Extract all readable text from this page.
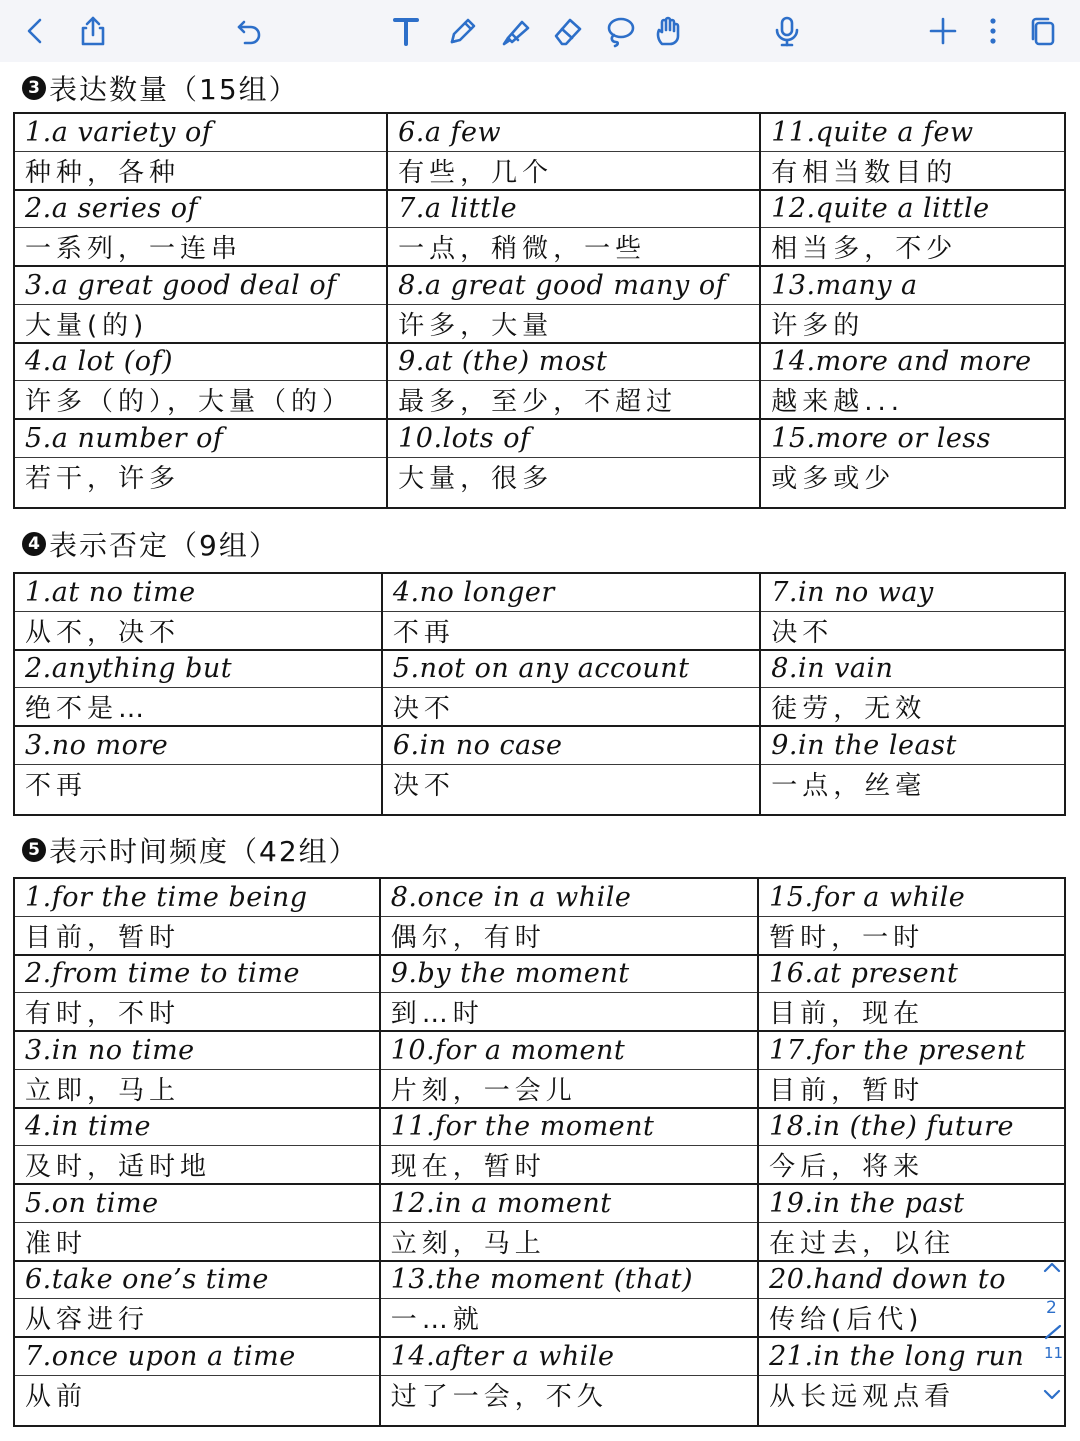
3 表达数量（15组）
1.a variety of	6.a few	11.quite a few
种种，各种	有些，几个	有相当数目的
2.a series of	7.a little	12.quite a little
一系列，一连串	一点，稍微，一些	相当多，不少
3.a great good deal of	8.a great good many of	13.many a
大量(的)	许多，大量	许多的
4.a lot (of)	9.at (the) most	14.more and more
许多（的），大量（的）	最多，至少，不超过	越来越...
5.a number of	10.lots of	15.more or less
若干，许多	大量，很多	或多或少

4 表示否定（9组）
1.at no time	4.no longer	7.in no way
从不，决不	不再	决不
2.anything but	5.not on any account	8.in vain
绝不是…	决不	徒劳，无效
3.no more	6.in no case	9.in the least
不再	决不	一点，丝毫

5 表示时间频度（42组）
1.for the time being	8.once in a while	15.for a while
目前，暂时	偶尔，有时	暂时，一时
2.from time to time	9.by the moment	16.at present
有时，不时	到…时	目前，现在
3.in no time	10.for a moment	17.for the present
立即，马上	片刻，一会儿	目前，暂时
4.in time	11.for the moment	18.in (the) future
及时，适时地	现在，暂时	今后，将来
5.on time	12.in a moment	19.in the past
准时	立刻，马上	在过去，以往
6.take one’s time	13.the moment (that)	20.hand down to
从容进行	一…就	传给(后代)
7.once upon a time	14.after a while	21.in the long run
从前	过了一会，不久	从长远观点看

2
11
